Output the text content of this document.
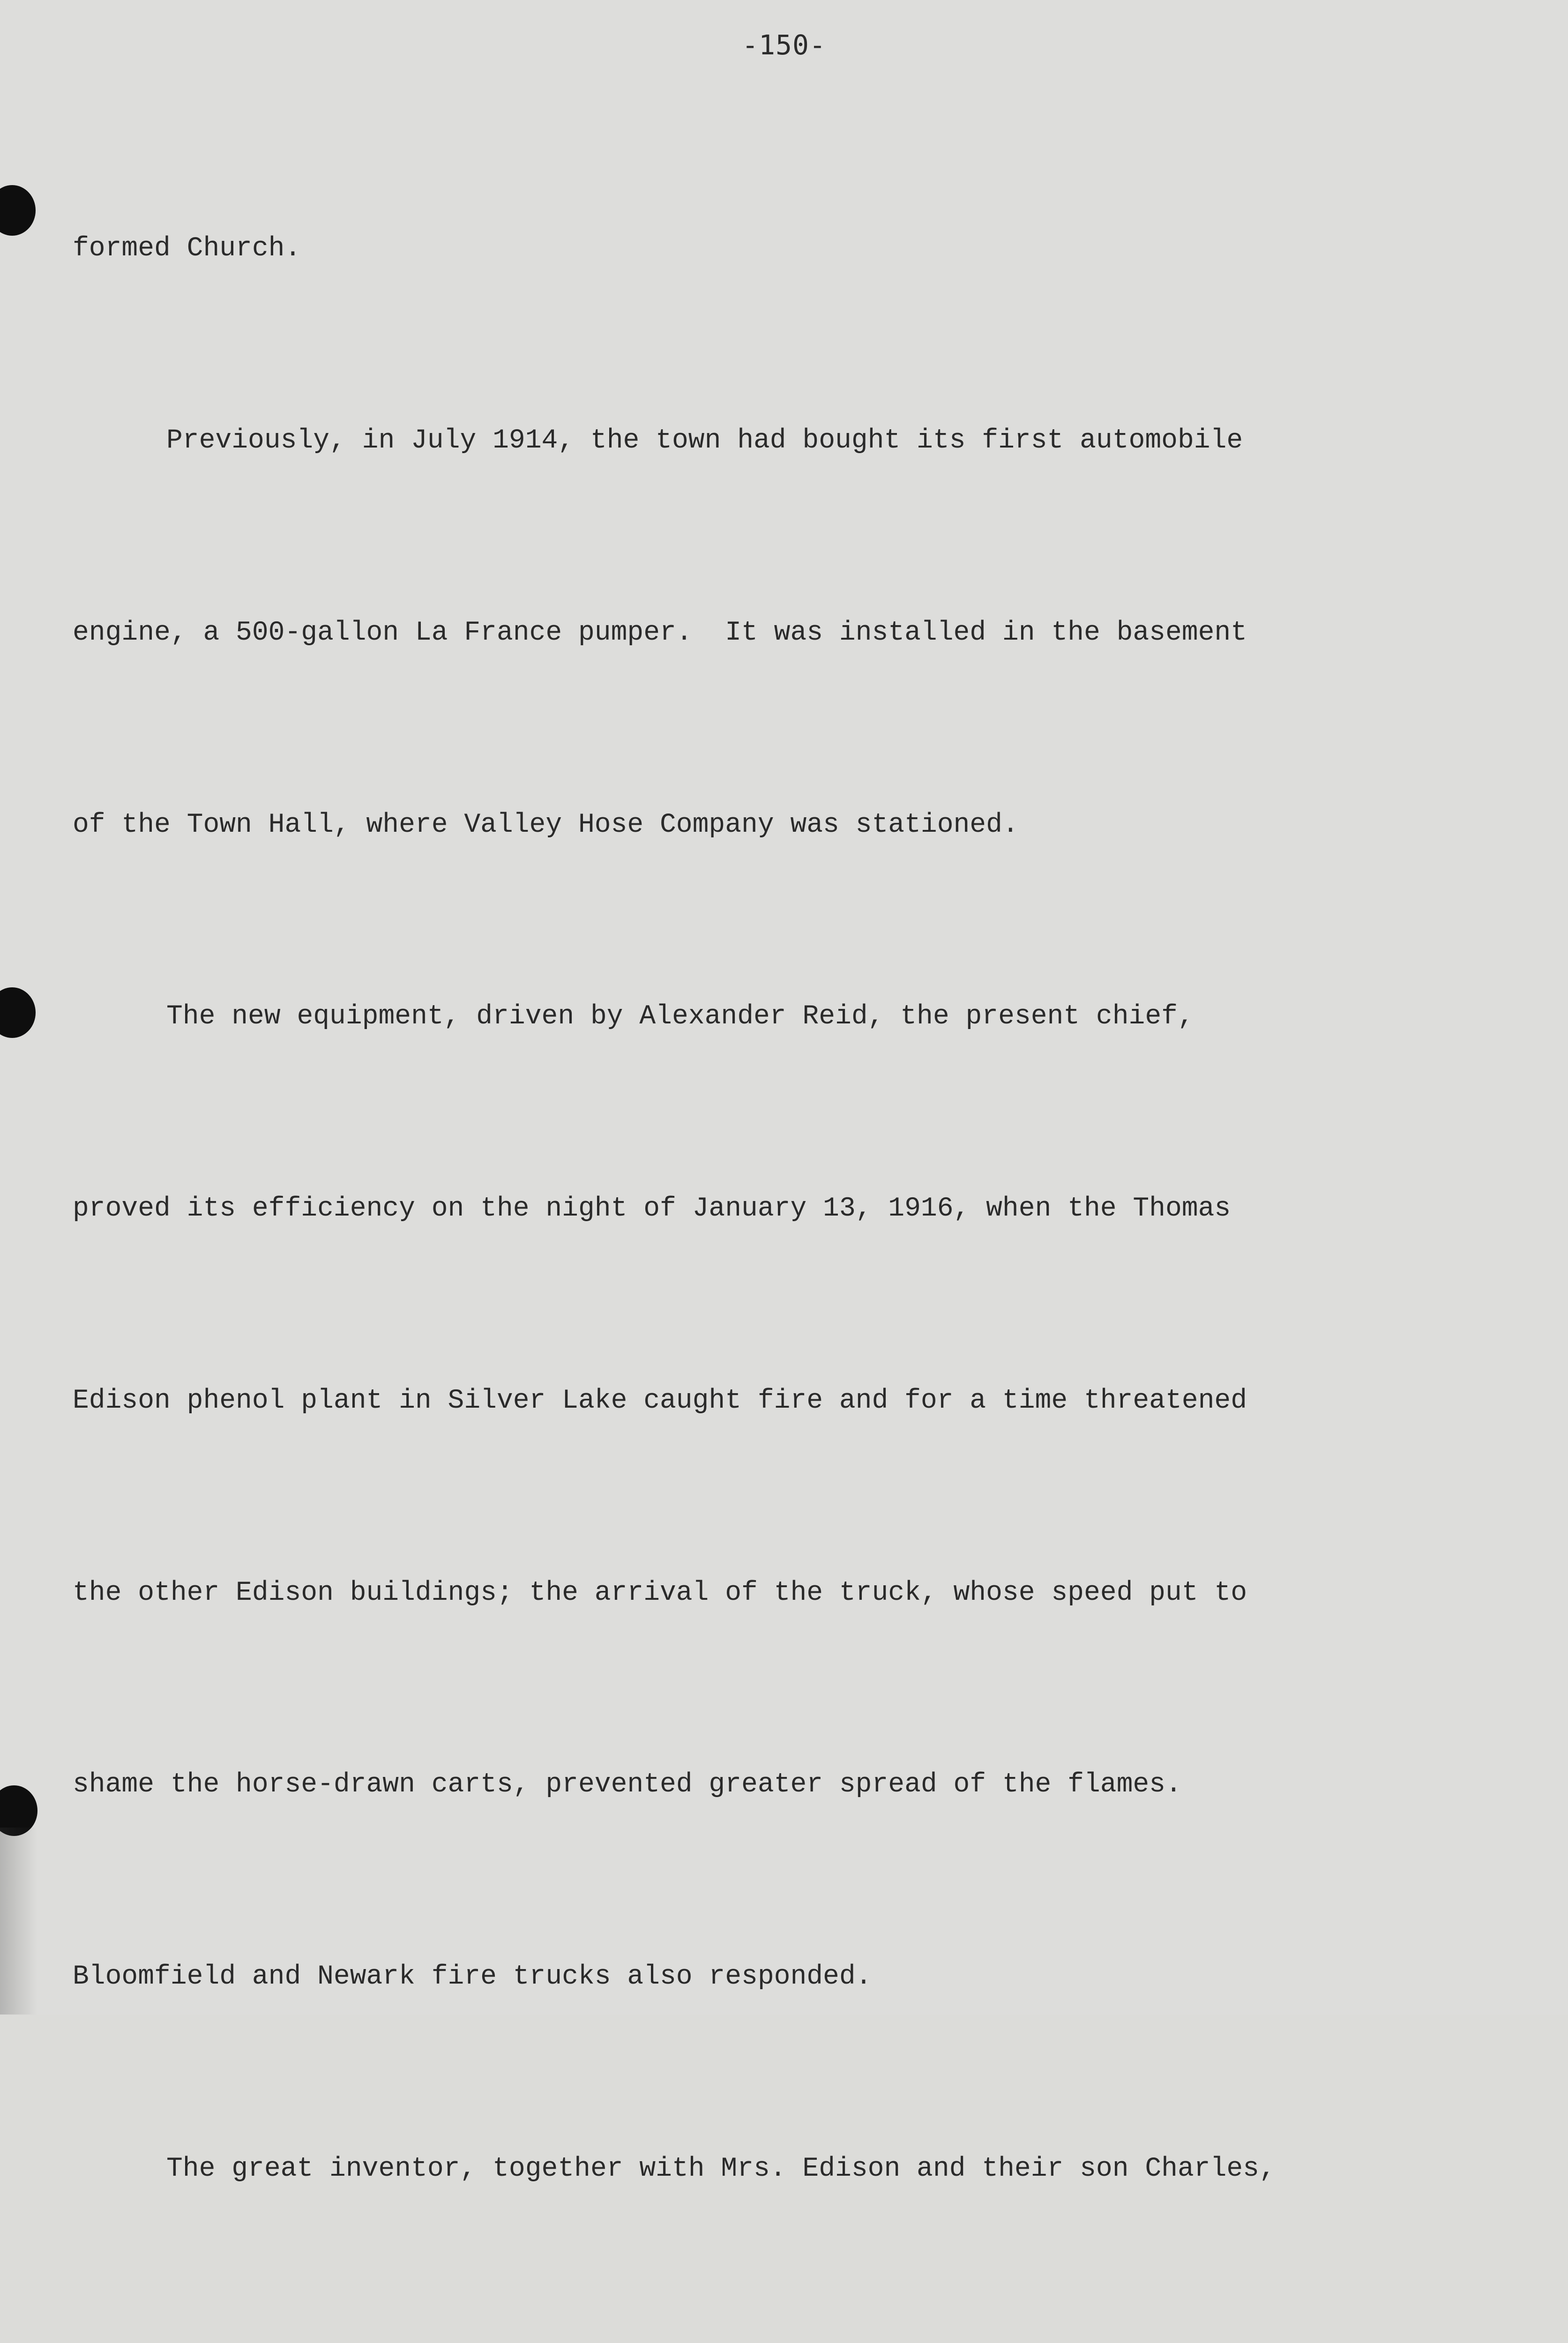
-150-

formed Church.

Previously, in July 1914, the town had bought its first automobile

engine, a 500-gallon La France pumper.  It was installed in the basement

of the Town Hall, where Valley Hose Company was stationed.

The new equipment, driven by Alexander Reid, the present chief,

proved its efficiency on the night of January 13, 1916, when the Thomas

Edison phenol plant in Silver Lake caught fire and for a time threatened

the other Edison buildings; the arrival of the truck, whose speed put to

shame the horse-drawn carts, prevented greater spread of the flames.

Bloomfield and Newark fire trucks also responded.

The great inventor, together with Mrs. Edison and their son Charles,
